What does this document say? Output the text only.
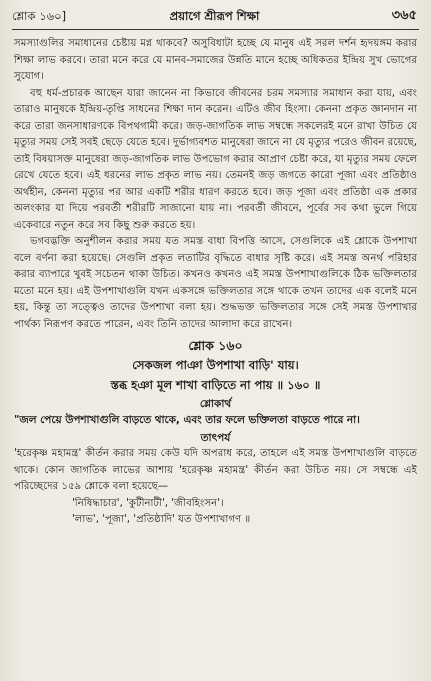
শ্লোক ১৬০]	প্রয়াগে শ্রীরূপ শিক্ষা	৩৬৫

সমস্যাগুলির সমাধানের চেষ্টায় মগ্ন থাকবে? অসুবিধাটা হচ্ছে যে মানুষ এই সরল দর্শন হৃদয়ঙ্গম করার শিক্ষা লাভ করবে। তারা মনে করে যে মানব-সমাজের উন্নতি মানে হচ্ছে অধিকতর ইন্দ্রিয় সুখ ভোগের সুযোগ।

বহু ধর্ম-প্রচারক আছেন যারা জানেন না কিভাবে জীবনের চরম সমস্যার সমাধান করা যায়, এবং তারাও মানুষকে ইন্দ্রিয়-তৃপ্তি সাধনের শিক্ষা দান করেন। এটিও জীব হিংসা। কেননা প্রকৃত জ্ঞানদান না করে তারা জনসাধারণকে বিপথগামী করে। জড়-জাগতিক লাভ সম্বন্ধে সকলেরই মনে রাখা উচিত যে মৃত্যুর সময় সেই সবই ছেড়ে যেতে হবে। দুর্ভাগ্যবশত মানুষেরা জানে না যে মৃত্যুর পরেও জীবন রয়েছে, তাই বিষয়াসক্ত মানুষেরা জড়-জাগতিক লাভ উপভোগ করার আপ্রাণ চেষ্টা করে, যা মৃত্যুর সময় ফেলে রেখে যেতে হবে। এই ধরনের লাভ প্রকৃত লাভ নয়। তেমনই জড় জগতে কারো পূজা এবং প্রতিষ্ঠাও অর্থহীন, কেননা মৃত্যুর পর আর একটি শরীর ধারণ করতে হবে। জড় পূজা এবং প্রতিষ্ঠা এক প্রকার অলংকার যা দিয়ে পরবর্তী শরীরটি সাজানো যায় না। পরবর্তী জীবনে, পূর্বের সব কথা ভুলে গিয়ে একেবারে নতুন করে সব কিছু শুরু করতে হয়।

ভগবদ্ভক্তি অনুশীলন করার সময় যত সমস্ত বাধা বিপত্তি আসে, সেগুলিকে এই শ্লোকে উপশাখা বলে বর্ণনা করা হয়েছে। সেগুলি প্রকৃত লতাটির বৃদ্ধিতে বাধার সৃষ্টি করে। এই সমস্ত অনর্থ পরিহার করার ব্যাপারে খুবই সচেতন থাকা উচিত। কখনও কখনও এই সমস্ত উপশাখাগুলিকে ঠিক ভক্তিলতার মতো মনে হয়। এই উপশাখাগুলি যখন একসঙ্গে ভক্তিলতার সঙ্গে থাকে তখন তাদের এক বলেই মনে হয়, কিন্তু তা সত্ত্বেও তাদের উপশাখা বলা হয়। শুদ্ধভক্ত ভক্তিলতার সঙ্গে সেই সমস্ত উপশাখার পার্থক্য নিরূপণ করতে পারেন, এবং তিনি তাদের আলাদা করে রাখেন।

শ্লোক ১৬০
সেকজল পাঞা উপশাখা বাড়ি' যায়।
স্তব্ধ হঞা মূল শাখা বাড়িতে না পায় ॥ ১৬০ ॥
শ্লোকার্থ

"জল পেয়ে উপশাখাগুলি বাড়তে থাকে, এবং তার ফলে ভক্তিলতা বাড়তে পারে না।

তাৎপর্য

'হরেকৃষ্ণ মহামন্ত্র' কীর্তন করার সময় কেউ যদি অপরাধ করে, তাহলে এই সমস্ত উপশাখাগুলি বাড়তে থাকে। কোন জাগতিক লাভের আশায় 'হরেকৃষ্ণ মহামন্ত্র' কীর্তন করা উচিত নয়। সে সম্বন্ধে এই পরিচ্ছেদের ১৫৯ শ্লোকে বলা হয়েছে—

'নিষিদ্ধাচার', 'কুটীনাটী', 'জীবহিংসন'।

'লাভ', 'পূজা', 'প্রতিষ্ঠাদি' যত উপশাখাগণ ॥
